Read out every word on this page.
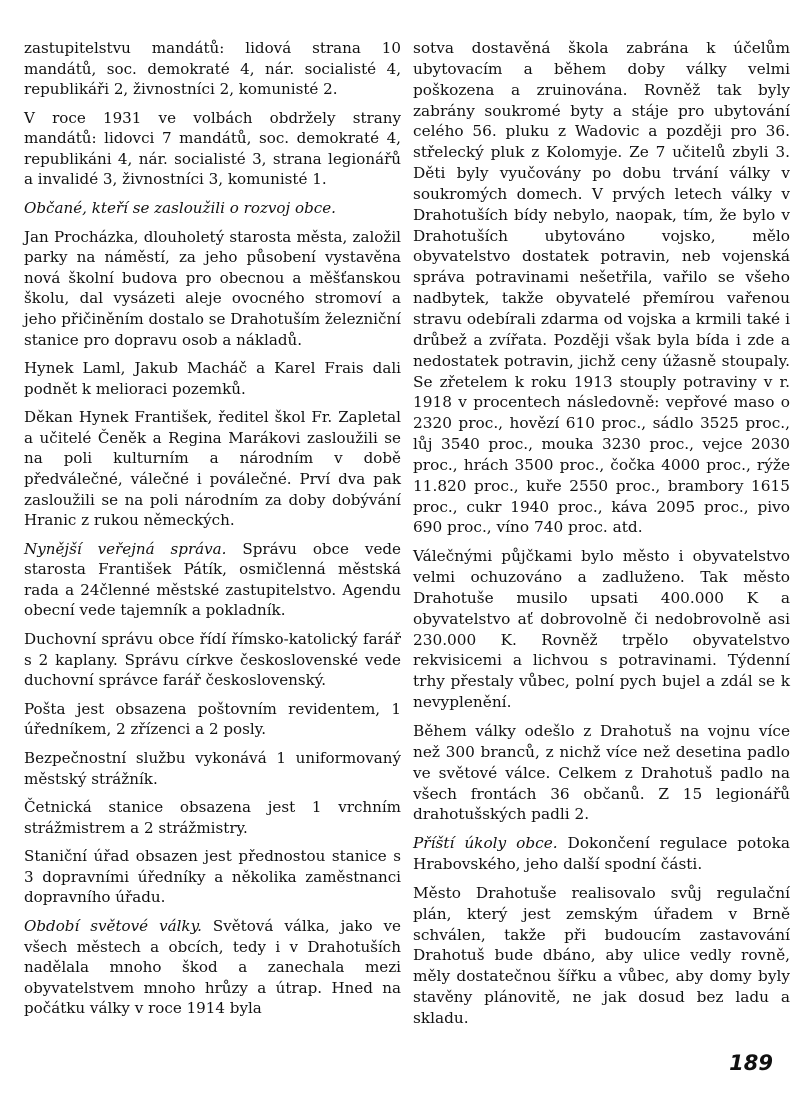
zastupitelstvu mandátů: lidová strana 10 mandátů, soc. demokraté 4, nár. socialisté 4, republikáři 2, živnostníci 2, komunisté 2.

V roce 1931 ve volbách obdržely strany mandátů: lidovci 7 mandátů, soc. demokraté 4, republikáni 4, nár. socialisté 3, strana legionářů a invalidé 3, živnostníci 3, komunisté 1.

Občané, kteří se zasloužili o rozvoj obce.

Jan Procházka, dlouholetý starosta města, založil parky na náměstí, za jeho působení vystavěna nová školní budova pro obecnou a měšťanskou školu, dal vysázeti aleje ovocného stromoví a jeho přičiněním dostalo se Drahotuším železniční stanice pro dopravu osob a nákladů.

Hynek Laml, Jakub Macháč a Karel Frais dali podnět k melioraci pozemků.

Děkan Hynek František, ředitel škol Fr. Zapletal a učitelé Čeněk a Regina Marákovi zasloužili se na poli kulturním a národním v době předválečné, válečné i poválečné. Prví dva pak zasloužili se na poli národním za doby dobývání Hranic z rukou německých.

Nynější veřejná správa. Správu obce vede starosta František Pátík, osmičlenná městská rada a 24členné městské zastupitelstvo. Agendu obecní vede tajemník a pokladník.

Duchovní správu obce řídí římsko-katolický farář s 2 kaplany. Správu církve československé vede duchovní správce farář československý.

Pošta jest obsazena poštovním revidentem, 1 úředníkem, 2 zřízenci a 2 posly.

Bezpečnostní službu vykonává 1 uniformovaný městský strážník.

Četnická stanice obsazena jest 1 vrchním strážmistrem a 2 strážmistry.

Staniční úřad obsazen jest přednostou stanice s 3 dopravními úředníky a několika zaměstnanci dopravního úřadu.

Období světové války. Světová válka, jako ve všech městech a obcích, tedy i v Drahotuších nadělala mnoho škod a zanechala mezi obyvatelstvem mnoho hrůzy a útrap. Hned na počátku války v roce 1914 byla

sotva dostavěná škola zabrána k účelům ubytovacím a během doby války velmi poškozena a zruinována. Rovněž tak byly zabrány soukromé byty a stáje pro ubytování celého 56. pluku z Wadovic a později pro 36. střelecký pluk z Kolomyje. Ze 7 učitelů zbyli 3. Děti byly vyučovány po dobu trvání války v soukromých domech. V prvých letech války v Drahotuších bídy nebylo, naopak, tím, že bylo v Drahotuších ubytováno vojsko, mělo obyvatelstvo dostatek potravin, neb vojenská správa potravinami nešetřila, vařilo se všeho nadbytek, takže obyvatelé přemírou vařenou stravu odebírali zdarma od vojska a krmili také i drůbež a zvířata. Později však byla bída i zde a nedostatek potravin, jichž ceny úžasně stoupaly. Se zřetelem k roku 1913 stouply potraviny v r. 1918 v procentech následovně: vepřové maso o 2320 proc., hovězí 610 proc., sádlo 3525 proc., lůj 3540 proc., mouka 3230 proc., vejce 2030 proc., hrách 3500 proc., čočka 4000 proc., rýže 11.820 proc., kuře 2550 proc., brambory 1615 proc., cukr 1940 proc., káva 2095 proc., pivo 690 proc., víno 740 proc. atd.

Válečnými půjčkami bylo město i obyvatelstvo velmi ochuzováno a zadluženo. Tak město Drahotuše musilo upsati 400.000 K a obyvatelstvo ať dobrovolně či nedobrovolně asi 230.000 K. Rovněž trpělo obyvatelstvo rekvisicemi a lichvou s potravinami. Týdenní trhy přestaly vůbec, polní pych bujel a zdál se k nevyplenění.

Během války odešlo z Drahotuš na vojnu více než 300 branců, z nichž více než desetina padlo ve světové válce. Celkem z Drahotuš padlo na všech frontách 36 občanů. Z 15 legionářů drahotušských padli 2.

Příští úkoly obce. Dokončení regulace potoka Hrabovského, jeho další spodní části.

Město Drahotuše realisovalo svůj regulační plán, který jest zemským úřadem v Brně schválen, takže při budoucím zastavování Drahotuš bude dbáno, aby ulice vedly rovně, měly dostatečnou šířku a vůbec, aby domy byly stavěny plánovitě, ne jak dosud bez ladu a skladu.

189
